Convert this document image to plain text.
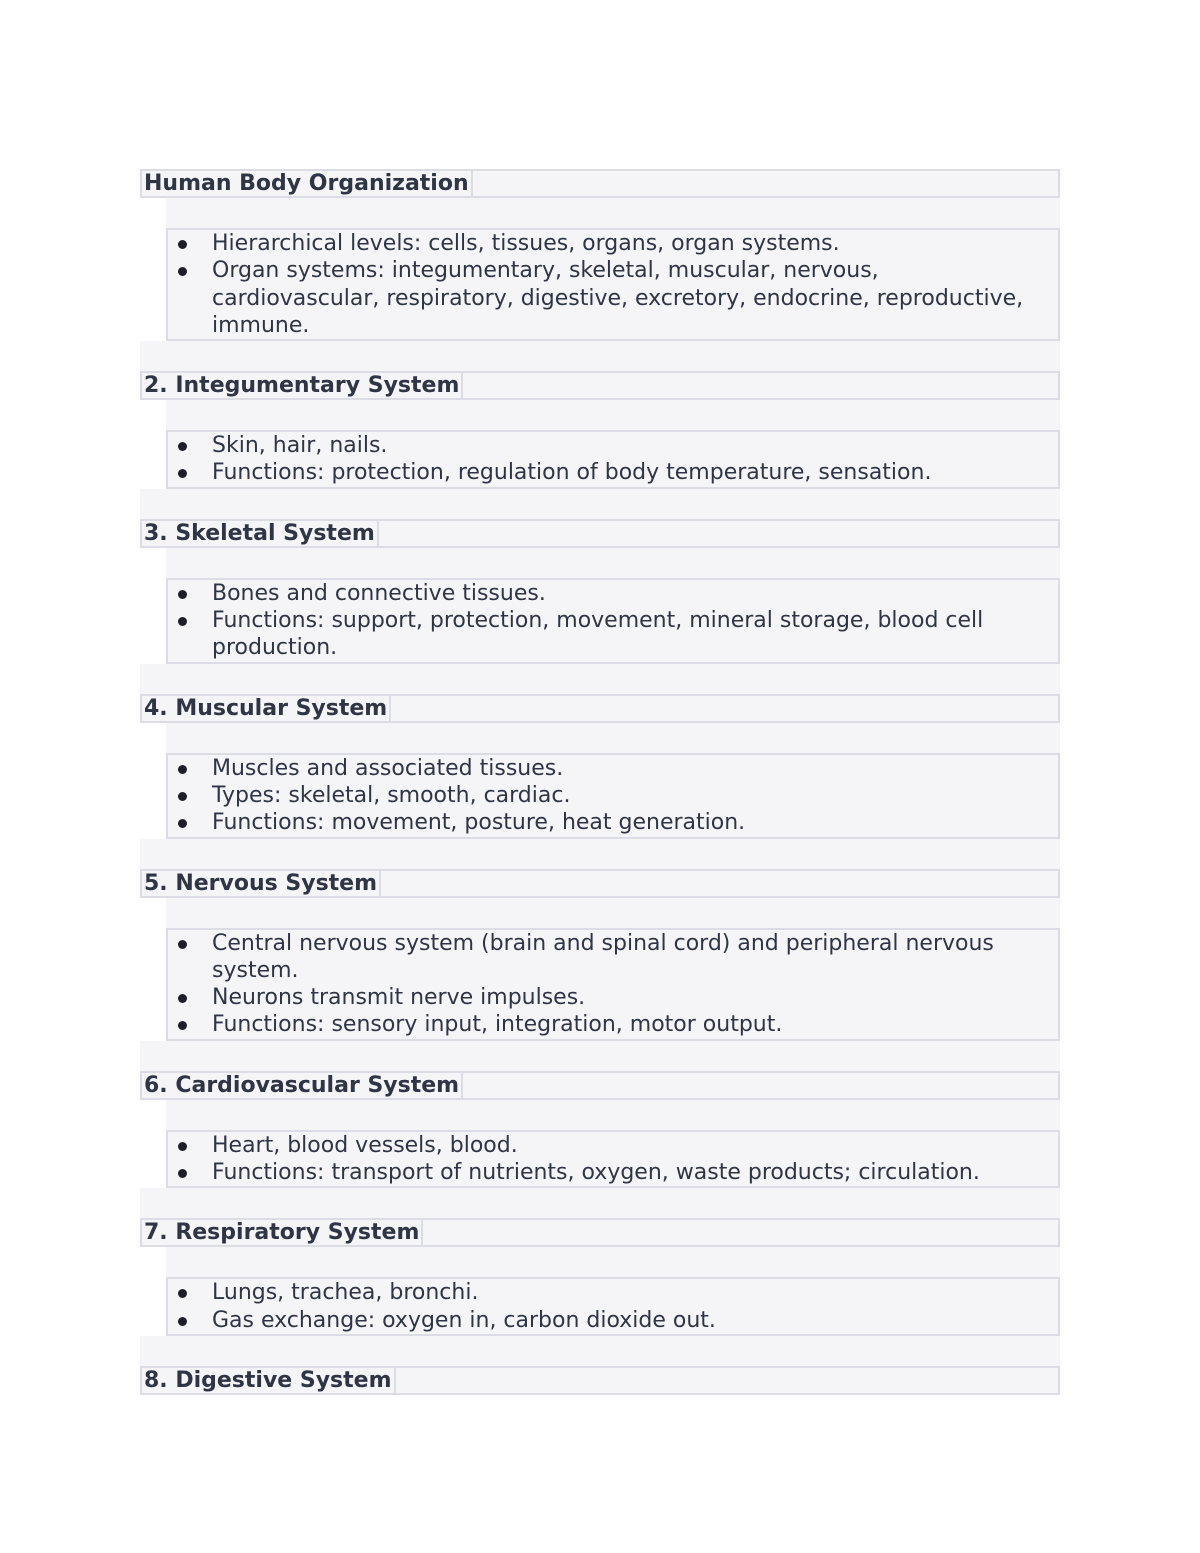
Human Body Organization
Hierarchical levels: cells, tissues, organs, organ systems.
Organ systems: integumentary, skeletal, muscular, nervous, cardiovascular, respiratory, digestive, excretory, endocrine, reproductive, immune.
2. Integumentary System
Skin, hair, nails.
Functions: protection, regulation of body temperature, sensation.
3. Skeletal System
Bones and connective tissues.
Functions: support, protection, movement, mineral storage, blood cell production.
4. Muscular System
Muscles and associated tissues.
Types: skeletal, smooth, cardiac.
Functions: movement, posture, heat generation.
5. Nervous System
Central nervous system (brain and spinal cord) and peripheral nervous system.
Neurons transmit nerve impulses.
Functions: sensory input, integration, motor output.
6. Cardiovascular System
Heart, blood vessels, blood.
Functions: transport of nutrients, oxygen, waste products; circulation.
7. Respiratory System
Lungs, trachea, bronchi.
Gas exchange: oxygen in, carbon dioxide out.
8. Digestive System
